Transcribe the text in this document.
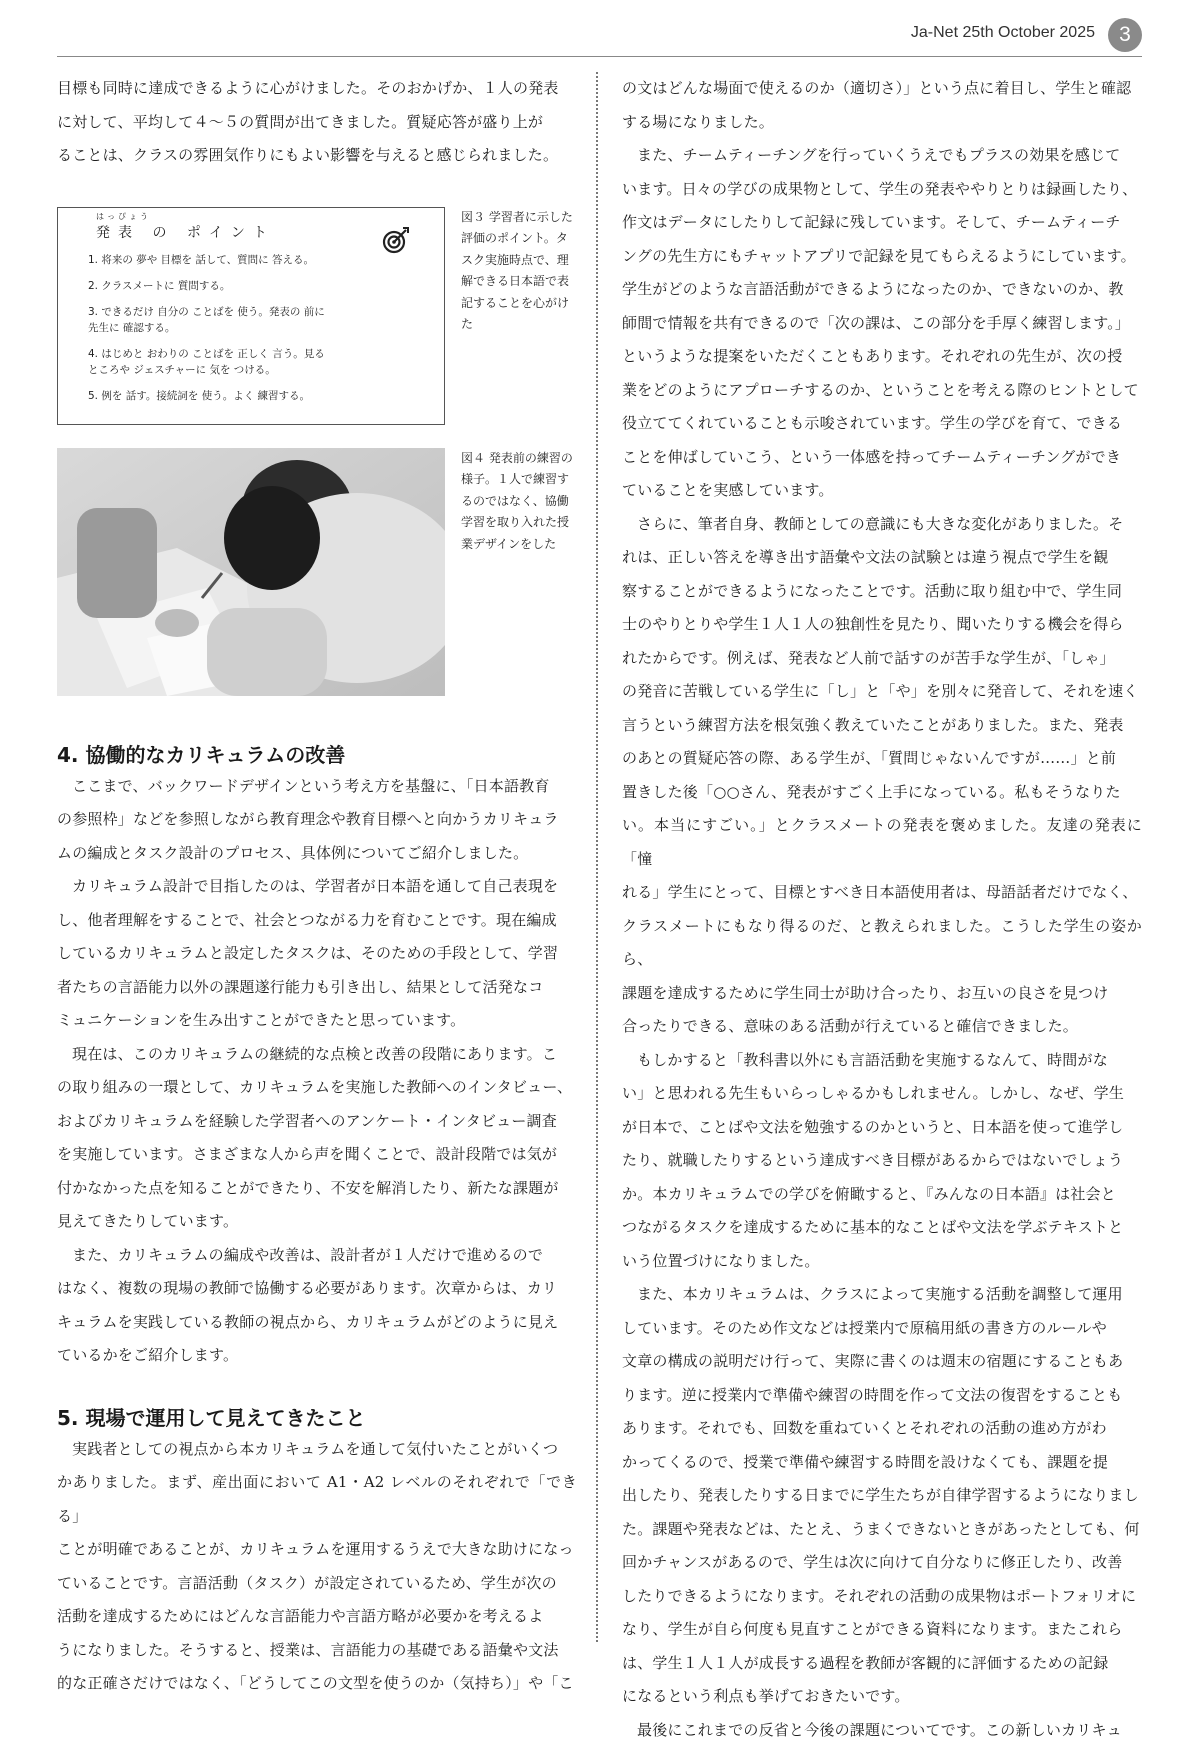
Ja-Net 25th October 2025	3

目標も同時に達成できるように心がけました。そのおかげか、１人の発表
に対して、平均して４～５の質問が出てきました。質疑応答が盛り上が
ることは、クラスの雰囲気作りにもよい影響を与えると感じられました。

はっぴょう
発表 の ポイント
1. 将来の 夢や 目標を 話して、質問に 答える。
2. クラスメートに 質問する。
3. できるだけ 自分の ことばを 使う。発表の 前に
先生に 確認する。
4. はじめと おわりの ことばを 正しく 言う。見る
ところや ジェスチャーに 気を つける。
5. 例を 話す。接続詞を 使う。よく 練習する。
図３ 学習者に示した評価のポイント。タスク実施時点で、理解できる日本語で表記することを心がけた
図４ 発表前の練習の様子。１人で練習するのではなく、協働学習を取り入れた授業デザインをした
4. 協働的なカリキュラムの改善

ここまで、バックワードデザインという考え方を基盤に、「日本語教育
の参照枠」などを参照しながら教育理念や教育目標へと向かうカリキュラ
ムの編成とタスク設計のプロセス、具体例についてご紹介しました。

カリキュラム設計で目指したのは、学習者が日本語を通して自己表現を
し、他者理解をすることで、社会とつながる力を育むことです。現在編成
しているカリキュラムと設定したタスクは、そのための手段として、学習
者たちの言語能力以外の課題遂行能力も引き出し、結果として活発なコ
ミュニケーションを生み出すことができたと思っています。

現在は、このカリキュラムの継続的な点検と改善の段階にあります。こ
の取り組みの一環として、カリキュラムを実施した教師へのインタビュー、
およびカリキュラムを経験した学習者へのアンケート・インタビュー調査
を実施しています。さまざまな人から声を聞くことで、設計段階では気が
付かなかった点を知ることができたり、不安を解消したり、新たな課題が
見えてきたりしています。

また、カリキュラムの編成や改善は、設計者が１人だけで進めるので
はなく、複数の現場の教師で協働する必要があります。次章からは、カリ
キュラムを実践している教師の視点から、カリキュラムがどのように見え
ているかをご紹介します。

5. 現場で運用して見えてきたこと

実践者としての視点から本カリキュラムを通して気付いたことがいくつ
かありました。まず、産出面において A1・A2 レベルのそれぞれで「できる」
ことが明確であることが、カリキュラムを運用するうえで大きな助けになっ
ていることです。言語活動（タスク）が設定されているため、学生が次の
活動を達成するためにはどんな言語能力や言語方略が必要かを考えるよ
うになりました。そうすると、授業は、言語能力の基礎である語彙や文法
的な正確さだけではなく、「どうしてこの文型を使うのか（気持ち）」や「こ

の文はどんな場面で使えるのか（適切さ）」という点に着目し、学生と確認
する場になりました。

また、チームティーチングを行っていくうえでもプラスの効果を感じて
います。日々の学びの成果物として、学生の発表ややりとりは録画したり、
作文はデータにしたりして記録に残しています。そして、チームティーチ
ングの先生方にもチャットアプリで記録を見てもらえるようにしています。
学生がどのような言語活動ができるようになったのか、できないのか、教
師間で情報を共有できるので「次の課は、この部分を手厚く練習します。」
というような提案をいただくこともあります。それぞれの先生が、次の授
業をどのようにアプローチするのか、ということを考える際のヒントとして
役立ててくれていることも示唆されています。学生の学びを育て、できる
ことを伸ばしていこう、という一体感を持ってチームティーチングができ
ていることを実感しています。

さらに、筆者自身、教師としての意識にも大きな変化がありました。そ
れは、正しい答えを導き出す語彙や文法の試験とは違う視点で学生を観
察することができるようになったことです。活動に取り組む中で、学生同
士のやりとりや学生１人１人の独創性を見たり、聞いたりする機会を得ら
れたからです。例えば、発表など人前で話すのが苦手な学生が、「しゃ」
の発音に苦戦している学生に「し」と「や」を別々に発音して、それを速く
言うという練習方法を根気強く教えていたことがありました。また、発表
のあとの質疑応答の際、ある学生が、「質問じゃないんですが……」と前
置きした後「○○さん、発表がすごく上手になっている。私もそうなりた
い。本当にすごい。」とクラスメートの発表を褒めました。友達の発表に「憧
れる」学生にとって、目標とすべき日本語使用者は、母語話者だけでなく、
クラスメートにもなり得るのだ、と教えられました。こうした学生の姿から、
課題を達成するために学生同士が助け合ったり、お互いの良さを見つけ
合ったりできる、意味のある活動が行えていると確信できました。

もしかすると「教科書以外にも言語活動を実施するなんて、時間がな
い」と思われる先生もいらっしゃるかもしれません。しかし、なぜ、学生
が日本で、ことばや文法を勉強するのかというと、日本語を使って進学し
たり、就職したりするという達成すべき目標があるからではないでしょう
か。本カリキュラムでの学びを俯瞰すると、『みんなの日本語』は社会と
つながるタスクを達成するために基本的なことばや文法を学ぶテキストと
いう位置づけになりました。

また、本カリキュラムは、クラスによって実施する活動を調整して運用
しています。そのため作文などは授業内で原稿用紙の書き方のルールや
文章の構成の説明だけ行って、実際に書くのは週末の宿題にすることもあ
ります。逆に授業内で準備や練習の時間を作って文法の復習をすることも
あります。それでも、回数を重ねていくとそれぞれの活動の進め方がわ
かってくるので、授業で準備や練習する時間を設けなくても、課題を提
出したり、発表したりする日までに学生たちが自律学習するようになりまし
た。課題や発表などは、たとえ、うまくできないときがあったとしても、何
回かチャンスがあるので、学生は次に向けて自分なりに修正したり、改善
したりできるようになります。それぞれの活動の成果物はポートフォリオに
なり、学生が自ら何度も見直すことができる資料になります。またこれら
は、学生１人１人が成長する過程を教師が客観的に評価するための記録
になるという利点も挙げておきたいです。

最後にこれまでの反省と今後の課題についてです。この新しいカリキュ
